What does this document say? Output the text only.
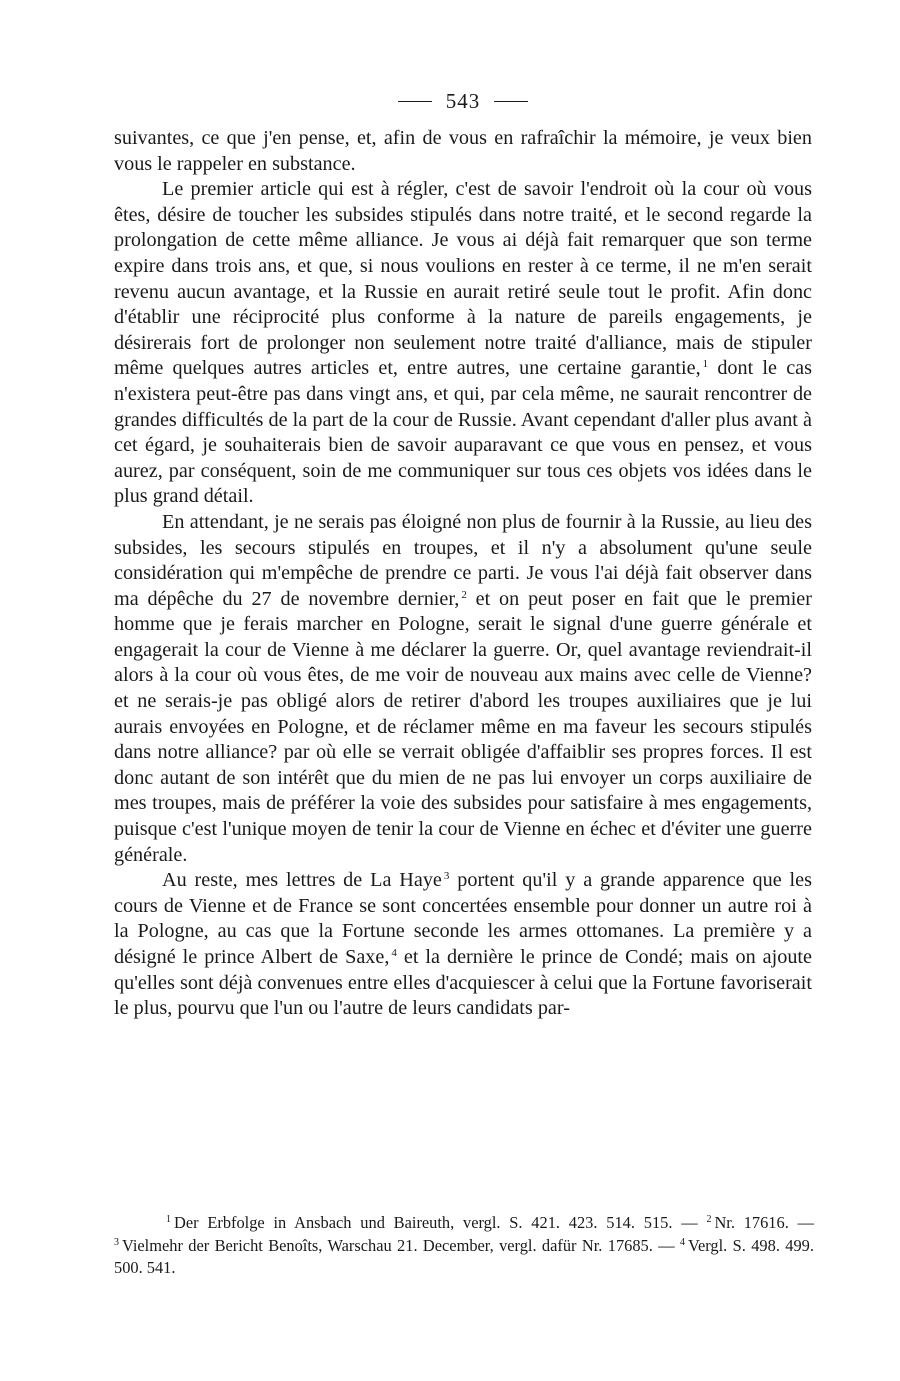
543

suivantes, ce que j'en pense, et, afin de vous en rafraîchir la mémoire, je veux bien vous le rappeler en substance.

Le premier article qui est à régler, c'est de savoir l'endroit où la cour où vous êtes, désire de toucher les subsides stipulés dans notre traité, et le second regarde la prolongation de cette même alliance. Je vous ai déjà fait remarquer que son terme expire dans trois ans, et que, si nous voulions en rester à ce terme, il ne m'en serait revenu aucun avantage, et la Russie en aurait retiré seule tout le profit. Afin donc d'établir une réciprocité plus conforme à la nature de pareils engagements, je désirerais fort de prolonger non seulement notre traité d'alliance, mais de stipuler même quelques autres articles et, entre autres, une certaine garantie, $^1$ dont le cas n'existera peut-être pas dans vingt ans, et qui, par cela même, ne saurait rencontrer de grandes difficultés de la part de la cour de Russie. Avant cependant d'aller plus avant à cet égard, je souhaiterais bien de savoir auparavant ce que vous en pensez, et vous aurez, par conséquent, soin de me communiquer sur tous ces objets vos idées dans le plus grand détail.

En attendant, je ne serais pas éloigné non plus de fournir à la Russie, au lieu des subsides, les secours stipulés en troupes, et il n'y a absolument qu'une seule considération qui m'empêche de prendre ce parti. Je vous l'ai déjà fait observer dans ma dépêche du 27 de novembre dernier, $^2$ et on peut poser en fait que le premier homme que je ferais marcher en Pologne, serait le signal d'une guerre générale et engagerait la cour de Vienne à me déclarer la guerre. Or, quel avantage reviendrait-il alors à la cour où vous êtes, de me voir de nouveau aux mains avec celle de Vienne? et ne serais-je pas obligé alors de retirer d'abord les troupes auxiliaires que je lui aurais envoyées en Pologne, et de réclamer même en ma faveur les secours stipulés dans notre alliance? par où elle se verrait obligée d'affaiblir ses propres forces. Il est donc autant de son intérêt que du mien de ne pas lui envoyer un corps auxiliaire de mes troupes, mais de préférer la voie des subsides pour satisfaire à mes engagements, puisque c'est l'unique moyen de tenir la cour de Vienne en échec et d'éviter une guerre générale.

Au reste, mes lettres de La Haye $^3$ portent qu'il y a grande apparence que les cours de Vienne et de France se sont concertées ensemble pour donner un autre roi à la Pologne, au cas que la Fortune seconde les armes ottomanes. La première y a désigné le prince Albert de Saxe, $^4$ et la dernière le prince de Condé; mais on ajoute qu'elles sont déjà convenues entre elles d'acquiescer à celui que la Fortune favoriserait le plus, pourvu que l'un ou l'autre de leurs candidats par-

$^1$ Der Erbfolge in Ansbach und Baireuth, vergl. S. 421. 423. 514. 515. — $^2$ Nr. 17616. — $^3$ Vielmehr der Bericht Benoîts, Warschau 21. December, vergl. dafür Nr. 17685. — $^4$ Vergl. S. 498. 499. 500. 541.
